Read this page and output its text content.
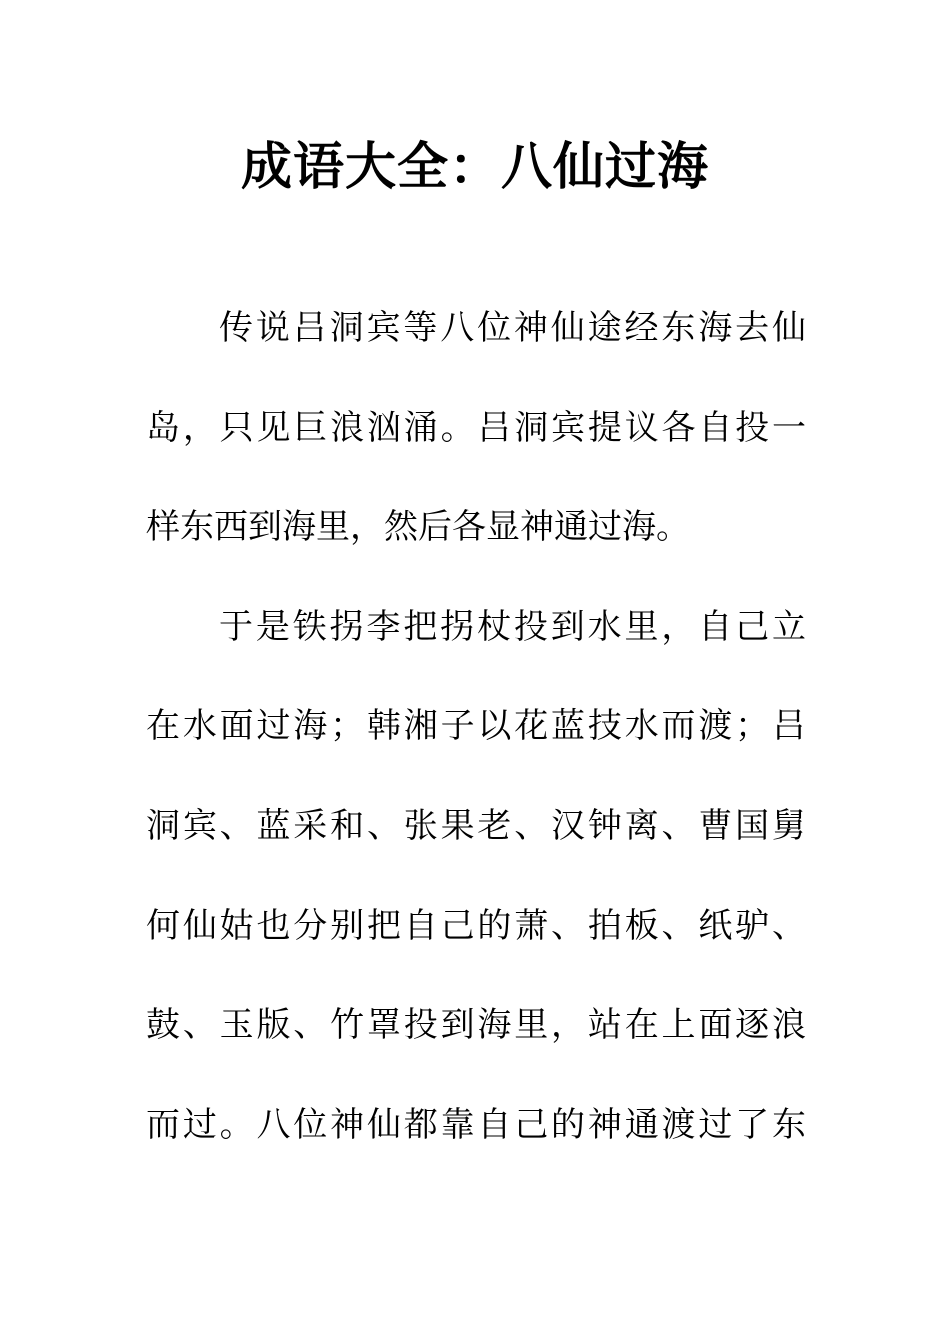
成语大全：八仙过海

传说吕洞宾等八位神仙途经东海去仙

岛，只见巨浪汹涌。吕洞宾提议各自投一

样东西到海里，然后各显神通过海。

于是铁拐李把拐杖投到水里，自己立

在水面过海；韩湘子以花蓝技水而渡；吕

洞宾、蓝采和、张果老、汉钟离、曹国舅

何仙姑也分别把自己的萧、拍板、纸驴、

鼓、玉版、竹罩投到海里，站在上面逐浪

而过。八位神仙都靠自己的神通渡过了东
